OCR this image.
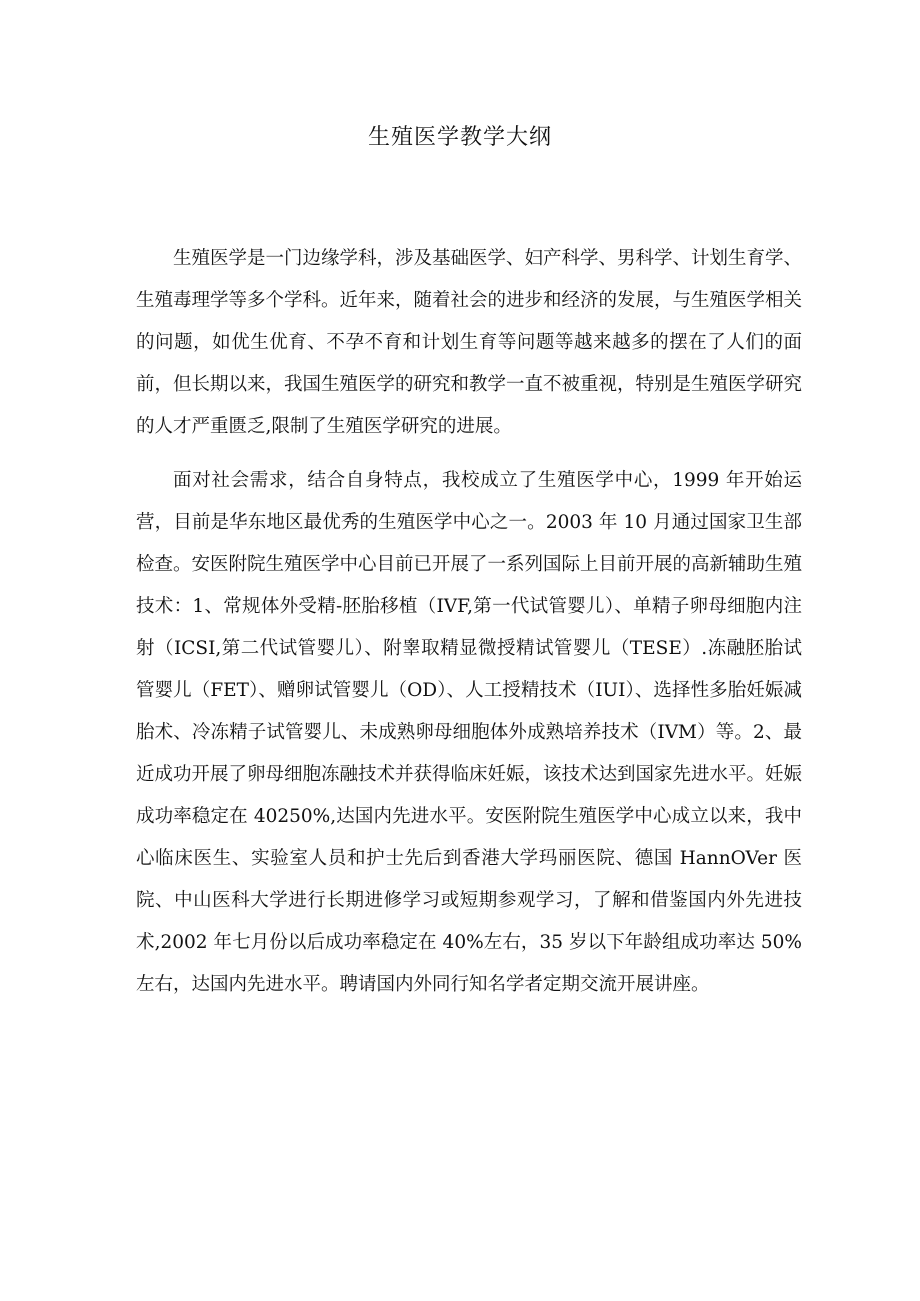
生殖医学教学大纲

生殖医学是一门边缘学科，涉及基础医学、妇产科学、男科学、计划生育学、生殖毒理学等多个学科。近年来，随着社会的进步和经济的发展，与生殖医学相关的问题，如优生优育、不孕不育和计划生育等问题等越来越多的摆在了人们的面前，但长期以来，我国生殖医学的研究和教学一直不被重视，特别是生殖医学研究的人才严重匮乏,限制了生殖医学研究的进展。

面对社会需求，结合自身特点，我校成立了生殖医学中心，1999 年开始运营，目前是华东地区最优秀的生殖医学中心之一。2003 年 10 月通过国家卫生部检查。安医附院生殖医学中心目前已开展了一系列国际上目前开展的高新辅助生殖技术：1、常规体外受精-胚胎移植（IVF,第一代试管婴儿）、单精子卵母细胞内注射（ICSI,第二代试管婴儿）、附睾取精显微授精试管婴儿（TESE）.冻融胚胎试管婴儿（FET）、赠卵试管婴儿（OD）、人工授精技术（IUI）、选择性多胎妊娠减胎术、冷冻精子试管婴儿、未成熟卵母细胞体外成熟培养技术（IVM）等。2、最近成功开展了卵母细胞冻融技术并获得临床妊娠，该技术达到国家先进水平。妊娠成功率稳定在 40250%,达国内先进水平。安医附院生殖医学中心成立以来，我中心临床医生、实验室人员和护士先后到香港大学玛丽医院、德国 HannOVer 医院、中山医科大学进行长期进修学习或短期参观学习，了解和借鉴国内外先进技术,2002 年七月份以后成功率稳定在 40%左右，35 岁以下年龄组成功率达 50%左右，达国内先进水平。聘请国内外同行知名学者定期交流开展讲座。
